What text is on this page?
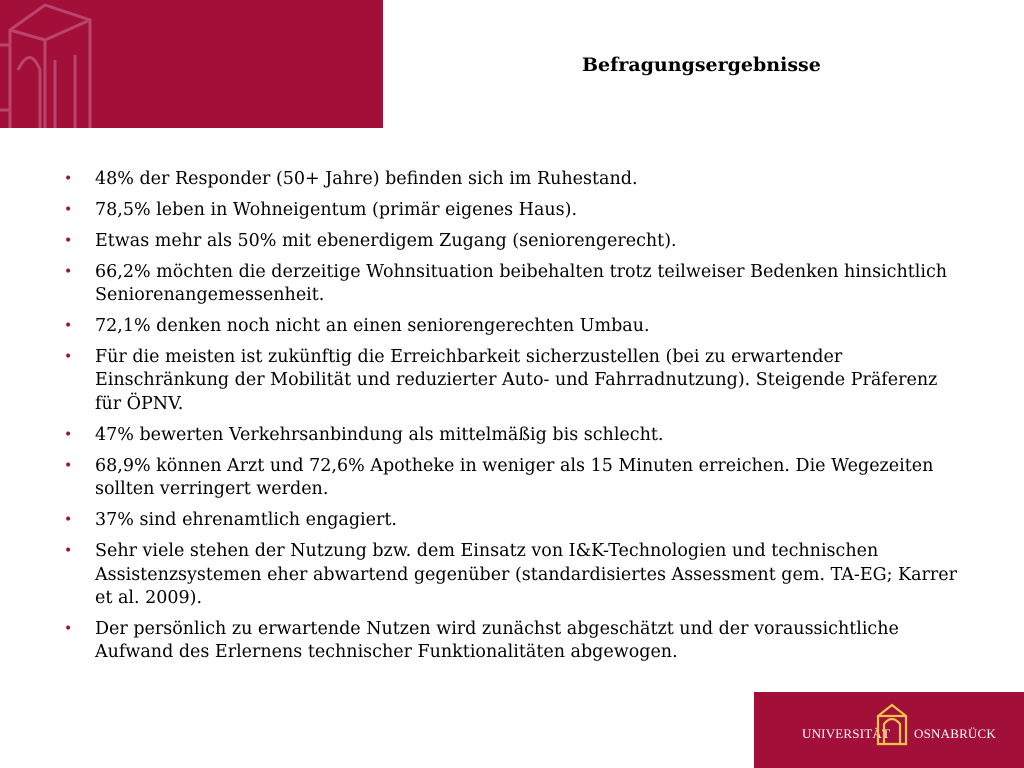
Befragungsergebnisse
• 48% der Responder (50+ Jahre) befinden sich im Ruhestand.
• 78,5% leben in Wohneigentum (primär eigenes Haus).
• Etwas mehr als 50% mit ebenerdigem Zugang (seniorengerecht).
• 66,2% möchten die derzeitige Wohnsituation beibehalten trotz teilweiser Bedenken hinsichtlich Seniorenangemessenheit.
• 72,1% denken noch nicht an einen seniorengerechten Umbau.
• Für die meisten ist zukünftig die Erreichbarkeit sicherzustellen (bei zu erwartender Einschränkung der Mobilität und reduzierter Auto- und Fahrradnutzung). Steigende Präferenz für ÖPNV.
• 47% bewerten Verkehrsanbindung als mittelmäßig bis schlecht.
• 68,9% können Arzt und 72,6% Apotheke in weniger als 15 Minuten erreichen. Die Wegezeiten sollten verringert werden.
• 37% sind ehrenamtlich engagiert.
• Sehr viele stehen der Nutzung bzw. dem Einsatz von I&K-Technologien und technischen Assistenzsystemen eher abwartend gegenüber (standardisiertes Assessment gem. TA-EG; Karrer et al. 2009).
• Der persönlich zu erwartende Nutzen wird zunächst abgeschätzt und der voraussichtliche Aufwand des Erlernens technischer Funktionalitäten abgewogen.
UNIVERSITÄT OSNABRÜCK
